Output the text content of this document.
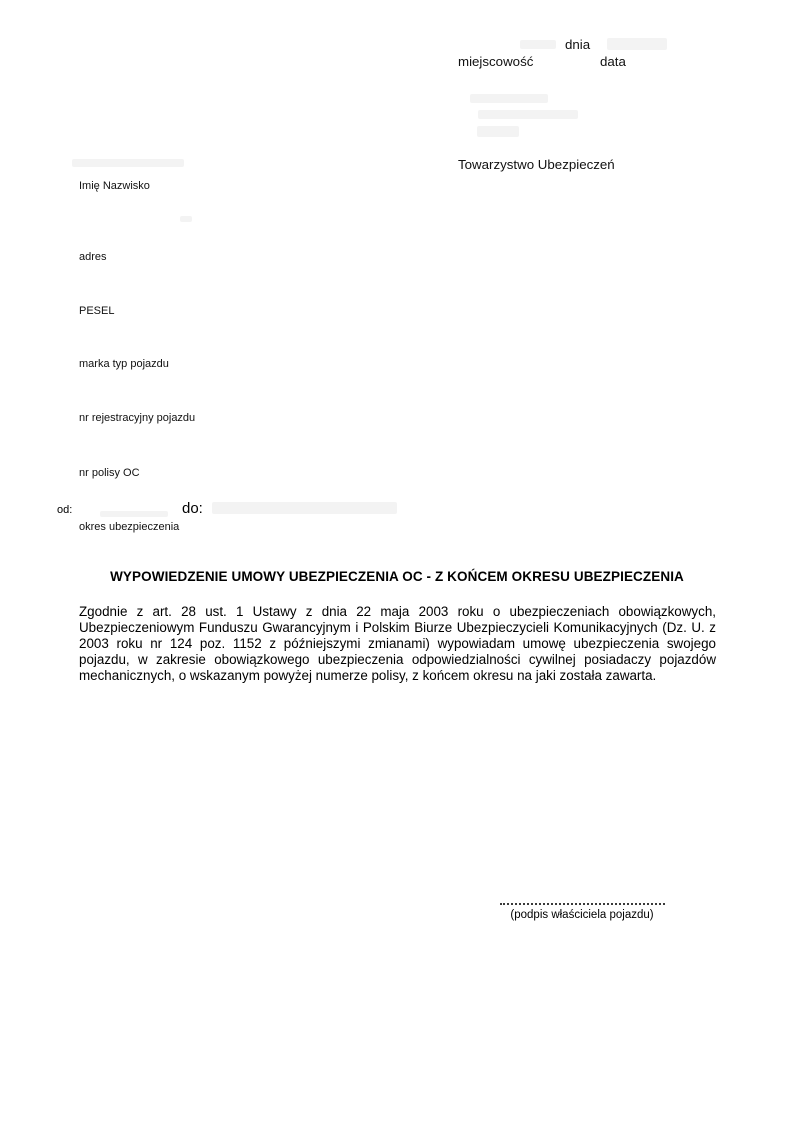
dnia
miejscowość	data
Towarzystwo Ubezpieczeń
Imię Nazwisko
adres
PESEL
marka typ pojazdu
nr rejestracyjny pojazdu
nr polisy OC
od:	do:
okres ubezpieczenia
WYPOWIEDZENIE UMOWY UBEZPIECZENIA OC - Z KOŃCEM OKRESU UBEZPIECZENIA
Zgodnie z art. 28 ust. 1 Ustawy z dnia 22 maja 2003 roku o ubezpieczeniach obowiązkowych, Ubezpieczeniowym Funduszu Gwarancyjnym i Polskim Biurze Ubezpieczycieli Komunikacyjnych (Dz. U. z 2003 roku nr 124 poz. 1152 z późniejszymi zmianami) wypowiadam umowę ubezpieczenia swojego pojazdu, w zakresie obowiązkowego ubezpieczenia odpowiedzialności cywilnej posiadaczy pojazdów mechanicznych, o wskazanym powyżej numerze polisy, z końcem okresu na jaki została zawarta.
(podpis właściciela pojazdu)
